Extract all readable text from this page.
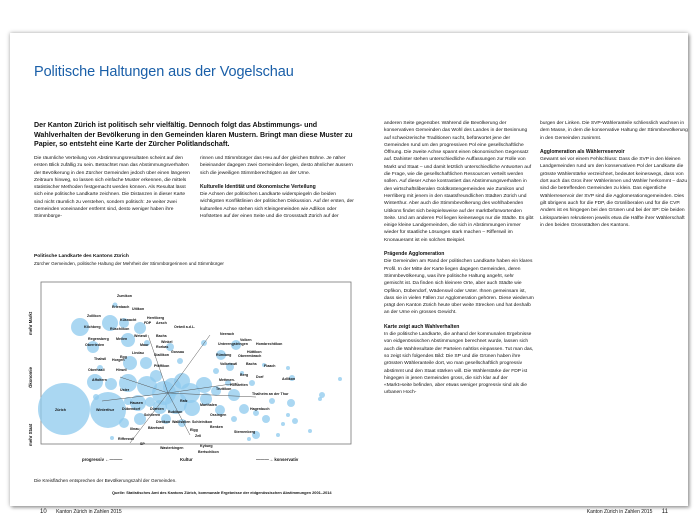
Politische Haltungen aus der Vogelschau
Der Kanton Zürich ist politisch sehr vielfältig. Dennoch folgt das Abstimmungs- und Wahlverhalten der Bevölkerung in den Gemeinden klaren Mustern. Bringt man diese Muster zu Papier, so entsteht eine Karte der Zürcher Politlandschaft.

Die räumliche Verteilung von Abstimmungsresultaten scheint auf den ersten Blick zufällig zu sein. Betrachtet man das Abstimmungsverhalten der Bevölkerung in den Zürcher Gemeinden jedoch über einen längeren Zeitraum hinweg, so lassen sich einfache Muster erkennen, die mittels statistischer Methoden festgemacht werden können. Als Resultat lässt sich eine politische Landkarte zeichnen. Die Distanzen in dieser Karte sind nicht räumlich zu verstehen, sondern politisch: Je weiter zwei Gemeinden voneinander entfernt sind, desto weniger haben ihre Stimmbürge-

rinnen und Stimmbürger das Heu auf der gleichen Bühne. Je näher beieinander dagegen zwei Gemeinden liegen, desto ähnlicher äussern sich die jeweiligen Stimmberechtigten an der Urne.

Kulturelle Identität und ökonomische Verteilung

Die Achsen der politischen Landkarte widerspiegeln die beiden wichtigsten Konfliktlinien der politischen Diskussion. Auf der ersten, der kulturellen Achse stehen sich Kleingemeinden wie Adlikon oder Hofstetten auf der einen Seite und die Grossstadt Zürich auf der

Politische Landkarte des Kantons Zürich
Zürcher Gemeinden, politische Haltung der Mehrheit der Stimmbürgerinnen und Stimmbürger
Zumikon
Erlenbach Uitikon
Zollikon	Herrliberg
Küsnacht
FDP Aesch
Kilchberg	Rüschlikon	Oetwil a.d.L.
Neerach
Volken
Regensberg Meilen
Wetzwil Bachs
Oberrieden	Maur
Winkel	Unterengstringen Hombrechtikon
Rorbas
Hüttikon
Lindau	Stallikon
Gossau
Rümlang Oberembrach
Thalwil Horgen
Egg
Volketswil Bachs Flaach
Oberhasli	Hinwil
Pfäffikon
Berg Dorf	Adlikon
Affoltern	Mettmen.
Hofstetten
Truttikon
Thalheim an der Thur
Uster
Hausen
Dübendorf	Dürnten
Schlieren
Bubikon
Dietikon Wallisellen
Rafz
Marthalen
Ossingen
Benken
Schleinikon
Hagenbuch
Illnau Bäretswil	Elgg	Sternenberg
Rifferswil
SP
Zell
Kyburg
Wasterkingen
Bertschikon
Zürich	Winterthur
mehr Markt
Ökonomie
mehr Staat
progressiv ←———	Kultur	———→ konservativ
Die Kreisflächen entsprechen der Bevölkerungszahl der Gemeinden.
Quelle: Statistisches Amt des Kantons Zürich, kommunale Ergebnisse der eidgenössischen Abstimmungen 2001–2014

anderen Seite gegenüber. Während die Bevölkerung der konservativen Gemeinden das Wohl des Landes in der Besinnung auf schweizerische Traditionen sucht, befürwortet jene der Gemeinden rund um den progressiven Pol eine gesellschaftliche Öffnung. Die zweite Achse spannt einen ökonomischen Gegensatz auf. Dahinter stehen unterschiedliche Auffassungen zur Rolle von Markt und Staat – und damit letztlich unterschiedliche Antworten auf die Frage, wie die gesellschaftlichen Ressourcen verteilt werden sollen. Auf dieser Achse kontrastiert das Abstimmungsverhalten in den wirtschaftsliberalen Goldküstengemeinden wie Zumikon und Herrliberg mit jenem in den staatsfreundlichen Städten Zürich und Winterthur. Aber auch die Stimmbevölkerung des wohlhabenden Uitikons findet sich beispielsweise auf der marktbefürwortenden Seite. Und am anderen Pol liegen keineswegs nur die Städte. Es gibt einige kleine Landgemeinden, die sich in Abstimmungen immer wieder für staatliche Lösungen stark machen – Rifferswil im Knonaueramt ist ein solches Beispiel.

Prägende Agglomeration

Die Gemeinden am Rand der politischen Landkarte haben ein klares Profil. In der Mitte der Karte liegen dagegen Gemeinden, deren Stimmbevölkerung, was ihre politische Haltung angeht, sehr gemischt ist. Da finden sich kleinere Orte, aber auch Städte wie Opfikon, Dübendorf, Wädenswil oder Uster. Ihnen gemeinsam ist, dass sie in vielen Fällen zur Agglomeration gehören. Diese wiederum prägt den Kanton Zürich heute über weite Strecken und hat deshalb an der Urne ein grosses Gewicht.

Karte zeigt auch Wahlverhalten

In die politische Landkarte, die anhand der kommunalen Ergebnisse von eidgenössischen Abstimmungen berechnet wurde, lassen sich auch die Wahlresultate der Parteien nahtlos einpassen. Tut man das, so zeigt sich folgendes Bild: Die SP und die Grünen haben ihre grössten Wähleranteile dort, wo man gesellschaftlich progressiv abstimmt und den Staat stärken will. Die Wählerstärke der FDP ist hingegen in jenen Gemeinden gross, die sich klar auf der «Markt»seite befinden, aber etwas weniger progressiv sind als die urbanen Hoch-

burgen der Linken. Die SVP-Wähleranteile schliesslich wachsen in dem Masse, in dem die konservative Haltung der Stimmbevölkerung in den Gemeinden zunimmt.

Agglomeration als Wählerreservoir

Gewarnt sei vor einem Fehlschluss: Dass die SVP in den kleinen Landgemeinden rund um den konservativen Pol der Landkarte die grösste Wählerstärke verzeichnet, bedeutet keineswegs, dass von dort auch das Gros ihrer Wählerinnen und Wähler herkommt – dazu sind die betreffenden Gemeinden zu klein. Das eigentliche Wählerreservoir der SVP sind die Agglomerationsgemeinden. Dies gilt übrigens auch für die FDP, die Grünliberalen und für die CVP. Anders ist es hingegen bei den Grünen und bei der SP: Die beiden Linksparteien rekrutieren jeweils etwa die Hälfte ihrer Wählerschaft in den beiden Grossstädten des Kantons.

10 Kanton Zürich in Zahlen 2015	Kanton Zürich in Zahlen 2015 11
